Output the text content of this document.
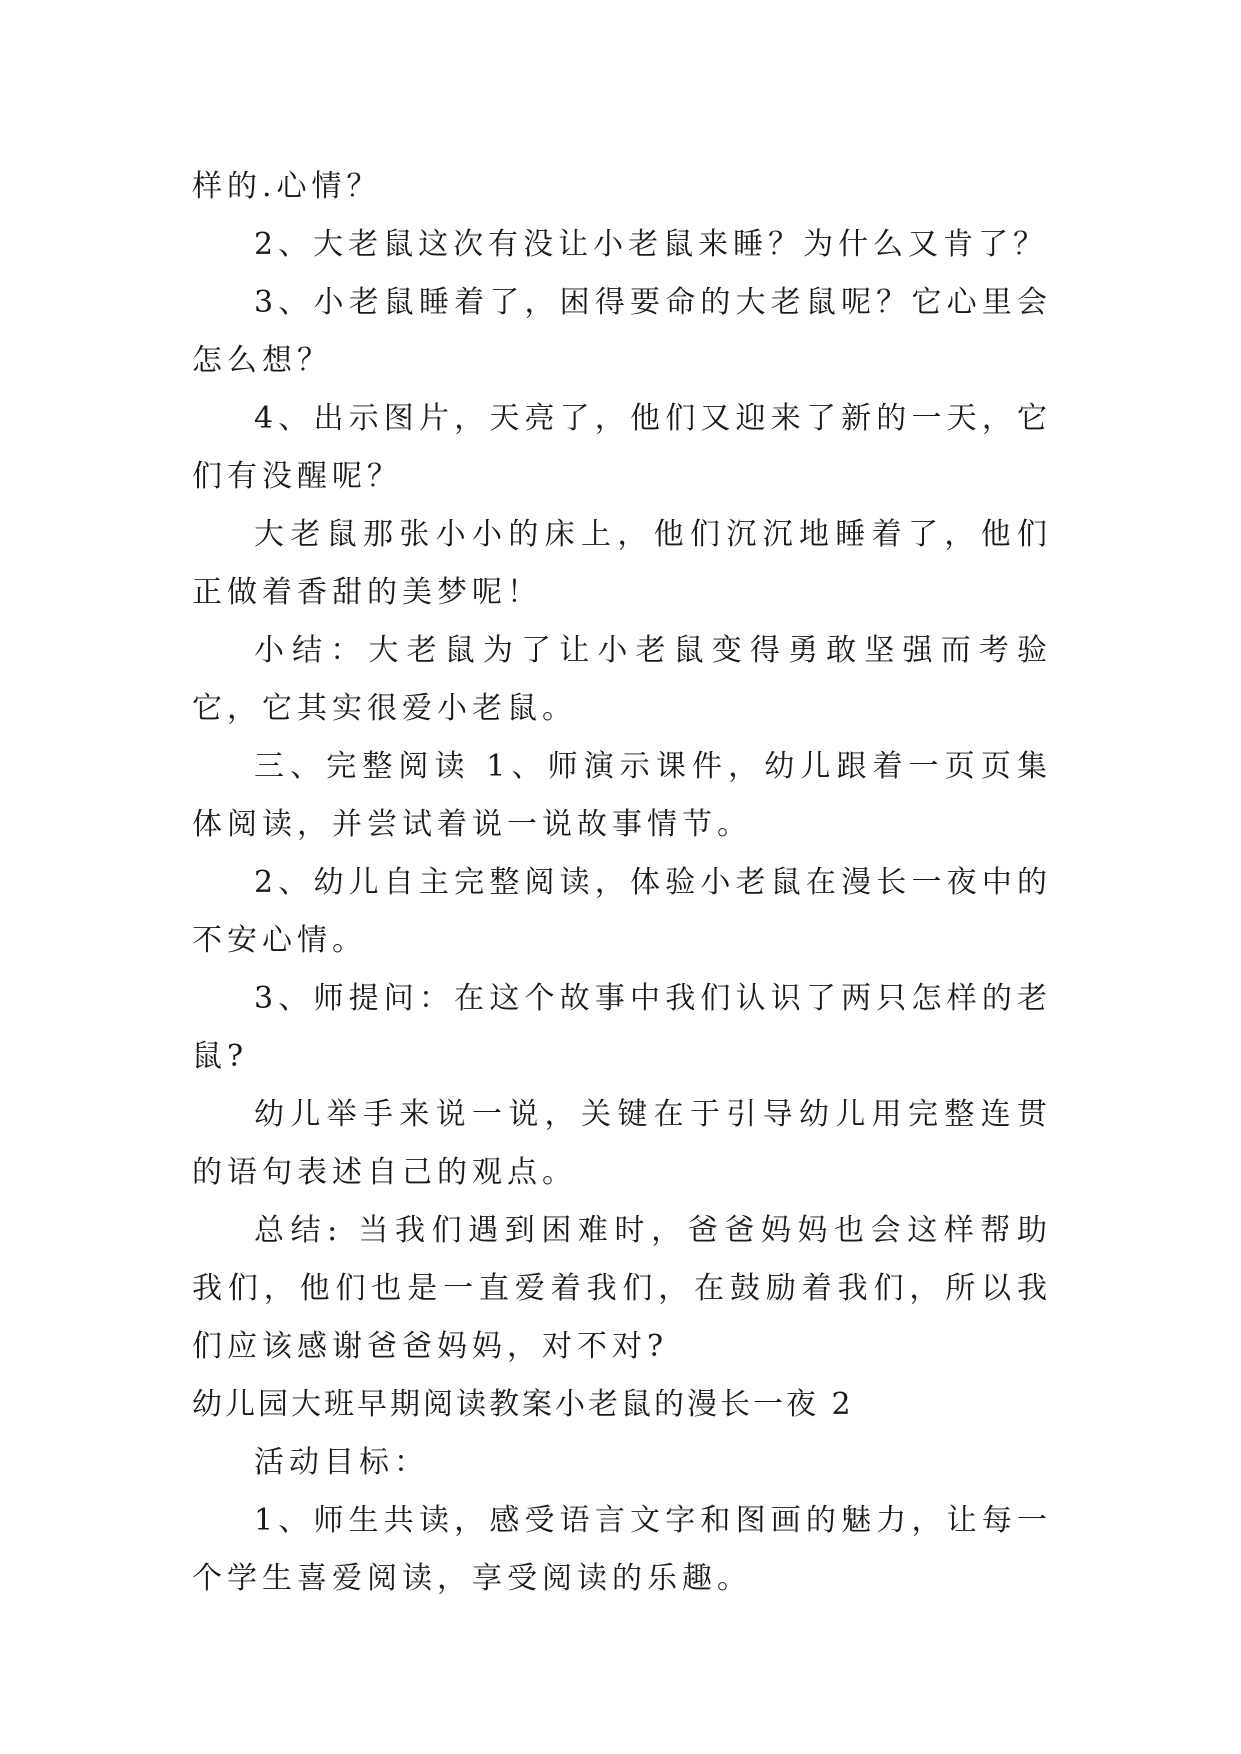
样的.心情？

2、大老鼠这次有没让小老鼠来睡？为什么又肯了？

3、小老鼠睡着了，困得要命的大老鼠呢？它心里会怎么想？

4、出示图片，天亮了，他们又迎来了新的一天，它们有没醒呢？

大老鼠那张小小的床上，他们沉沉地睡着了，他们正做着香甜的美梦呢！

小结：大老鼠为了让小老鼠变得勇敢坚强而考验它，它其实很爱小老鼠。

三、完整阅读 1、师演示课件，幼儿跟着一页页集体阅读，并尝试着说一说故事情节。

2、幼儿自主完整阅读，体验小老鼠在漫长一夜中的不安心情。

3、师提问：在这个故事中我们认识了两只怎样的老鼠?

幼儿举手来说一说，关键在于引导幼儿用完整连贯的语句表述自己的观点。

总结: 当我们遇到困难时，爸爸妈妈也会这样帮助我们，他们也是一直爱着我们，在鼓励着我们，所以我们应该感谢爸爸妈妈，对不对?

幼儿园大班早期阅读教案小老鼠的漫长一夜 2

活动目标：

1、师生共读，感受语言文字和图画的魅力，让每一个学生喜爱阅读，享受阅读的乐趣。
